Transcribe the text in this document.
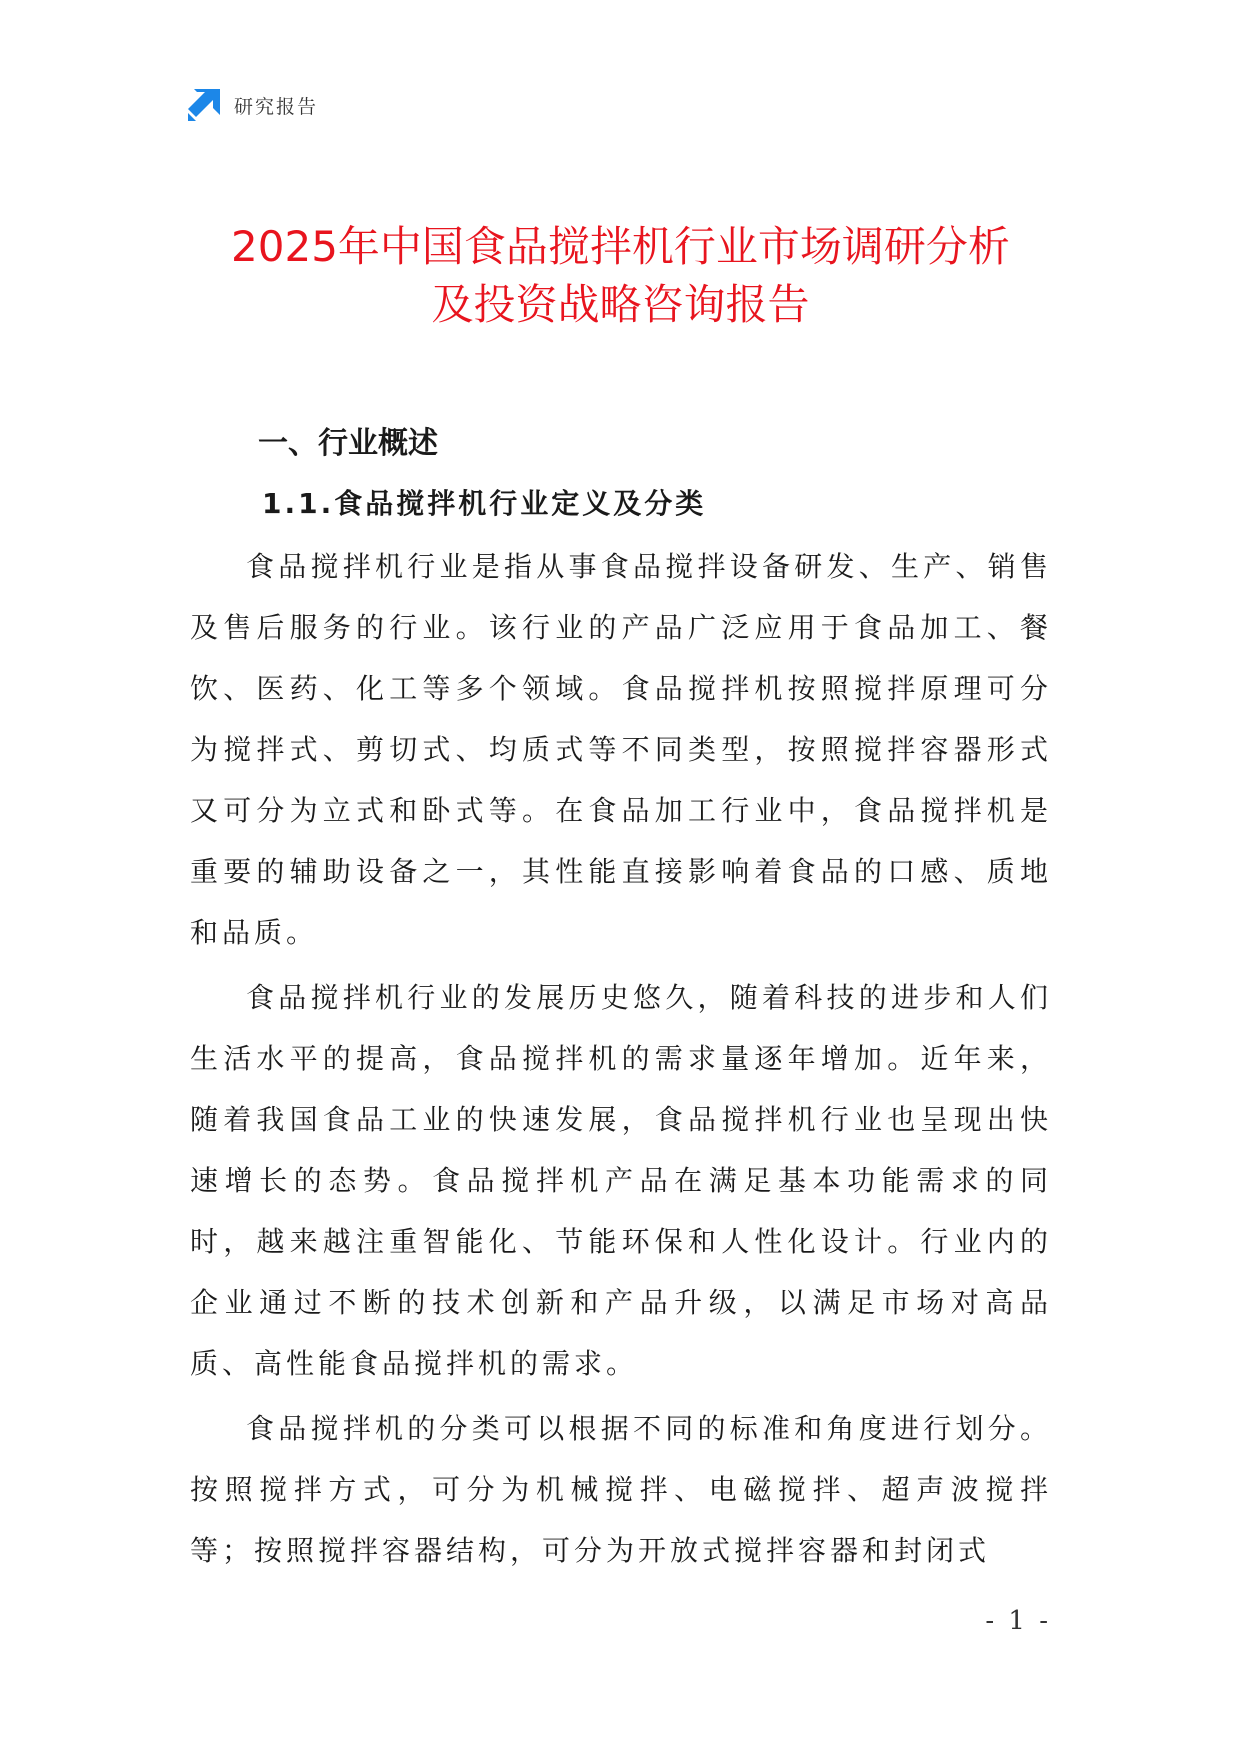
研究报告
2025年中国食品搅拌机行业市场调研分析
及投资战略咨询报告
一、行业概述
1.1.食品搅拌机行业定义及分类

食品搅拌机行业是指从事食品搅拌设备研发、生产、销售及售后服务的行业。该行业的产品广泛应用于食品加工、餐饮、医药、化工等多个领域。食品搅拌机按照搅拌原理可分为搅拌式、剪切式、均质式等不同类型，按照搅拌容器形式又可分为立式和卧式等。在食品加工行业中，食品搅拌机是重要的辅助设备之一，其性能直接影响着食品的口感、质地和品质。

食品搅拌机行业的发展历史悠久，随着科技的进步和人们生活水平的提高，食品搅拌机的需求量逐年增加。近年来，随着我国食品工业的快速发展，食品搅拌机行业也呈现出快速增长的态势。食品搅拌机产品在满足基本功能需求的同时，越来越注重智能化、节能环保和人性化设计。行业内的企业通过不断的技术创新和产品升级，以满足市场对高品质、高性能食品搅拌机的需求。

食品搅拌机的分类可以根据不同的标准和角度进行划分。按照搅拌方式，可分为机械搅拌、电磁搅拌、超声波搅拌等；按照搅拌容器结构，可分为开放式搅拌容器和封闭式

- 1 -
